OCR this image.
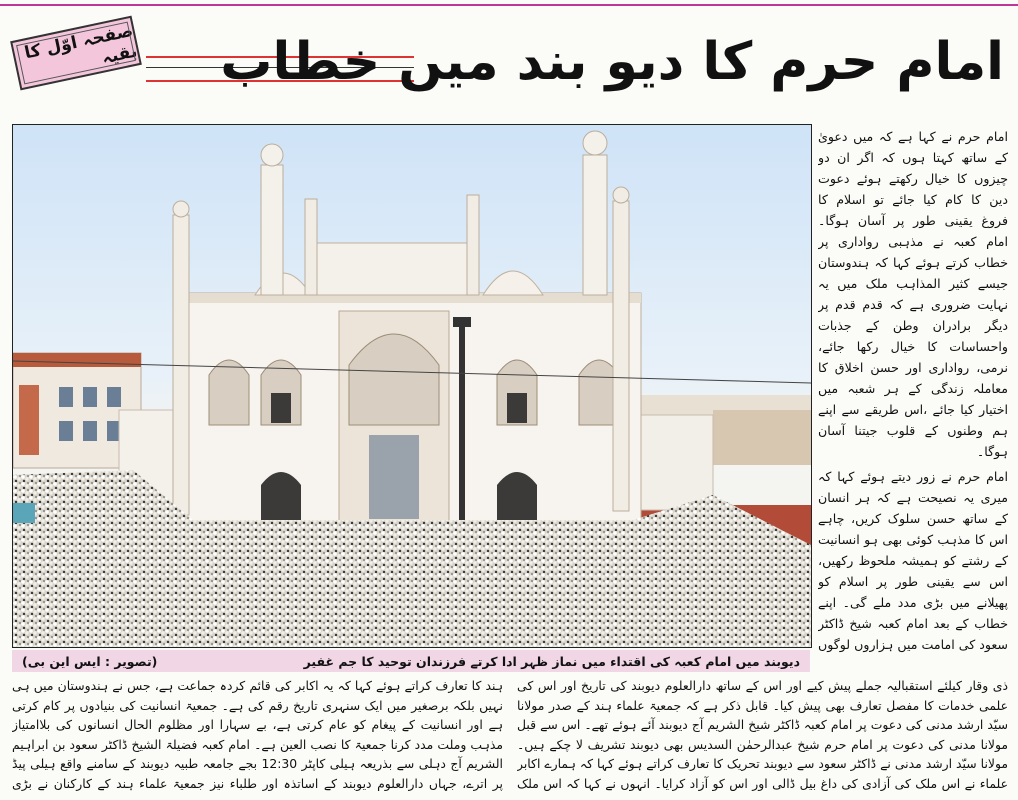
صفحہ اوّل کا بقیہ امام حرم کا دیو بند میں خطاب

امام حرم نے کہا ہے کہ میں دعویٰ کے ساتھ کہتا ہوں کہ اگر ان دو چیزوں کا خیال رکھتے ہوئے دعوت دین کا کام کیا جائے تو اسلام کا فروغ یقینی طور پر آسان ہوگا۔ امام کعبہ نے مذہبی رواداری پر خطاب کرتے ہوئے کہا کہ ہندوستان جیسے کثیر المذاہب ملک میں یہ نہایت ضروری ہے کہ قدم قدم پر دیگر برادران وطن کے جذبات واحساسات کا خیال رکھا جائے، نرمی، رواداری اور حسن اخلاق کا معاملہ زندگی کے ہر شعبہ میں اختیار کیا جائے ،اس طریقے سے اپنے ہم وطنوں کے قلوب جیتنا آسان ہوگا۔

امام حرم نے زور دیتے ہوئے کہا کہ میری یہ نصیحت ہے کہ ہر انسان کے ساتھ حسن سلوک کریں، چاہے اس کا مذہب کوئی بھی ہو انسانیت کے رشتے کو ہمیشہ ملحوظ رکھیں، اس سے یقینی طور پر اسلام کو پھیلانے میں بڑی مدد ملے گی۔ اپنے خطاب کے بعد امام کعبہ شیخ ڈاکٹر سعود کی امامت میں ہزاروں لوگوں

دیوبند میں امام کعبہ کی اقتداء میں نماز ظہر ادا کرتے فرزندان توحید کا جم غفیر
(تصویر : ایس این بی)
ذی وقار کیلئے استقبالیہ جملے پیش کیے اور اس کے ساتھ دارالعلوم دیوبند کی تاریخ اور اس کی علمی خدمات کا مفصل تعارف بھی پیش کیا۔ قابل ذکر ہے کہ جمعیۃ علماء ہند کے صدر مولانا سیّد ارشد مدنی کی دعوت پر امام کعبہ ڈاکٹر شیخ الشریم آج دیوبند آئے ہوئے تھے۔ اس سے قبل مولانا مدنی کی دعوت پر امام حرم شیخ عبدالرحمٰن السدیس بھی دیوبند تشریف لا چکے ہیں۔ مولانا سیّد ارشد مدنی نے ڈاکٹر سعود سے دیوبند تحریک کا تعارف کراتے ہوئے کہا کہ ہمارے اکابر علماء نے اس ملک کی آزادی کی داغ بیل ڈالی اور اس کو آزاد کرایا۔ انہوں نے کہا کہ اس ملک
ہند کا تعارف کراتے ہوئے کہا کہ یہ اکابر کی قائم کردہ جماعت ہے، جس نے ہندوستان میں ہی نہیں بلکہ برصغیر میں ایک سنہری تاریخ رقم کی ہے۔ جمعیۃ انسانیت کی بنیادوں پر کام کرتی ہے اور انسانیت کے پیغام کو عام کرتی ہے، بے سہارا اور مظلوم الحال انسانوں کی بلاامتیاز مذہب وملت مدد کرنا جمعیۃ کا نصب العین ہے۔ امام کعبہ فضیلۃ الشیخ ڈاکٹر سعود بن ابراہیم الشریم آج دہلی سے بذریعہ ہیلی کاپٹر 12:30 بجے جامعہ طبیہ دیوبند کے سامنے واقع ہیلی پیڈ پر اترے، جہاں دارالعلوم دیوبند کے اساتذہ اور طلباء نیز جمعیۃ علماء ہند کے کارکنان نے بڑی
